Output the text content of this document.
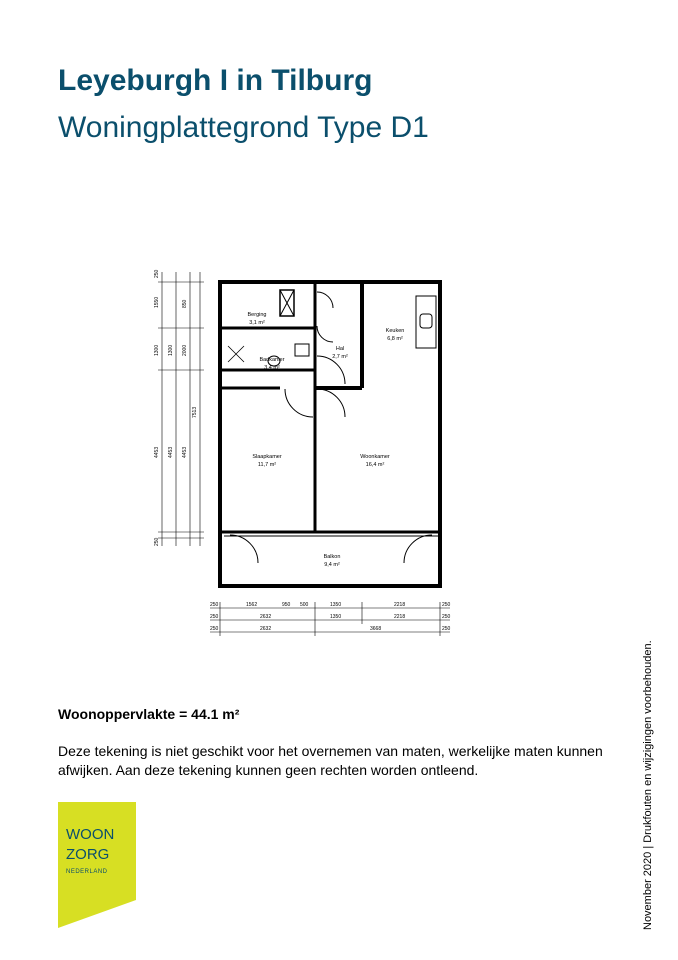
Leyeburgh I in Tilburg
Woningplattegrond Type D1
1550
1300
4453
1300
4453
850
2000
4453
7513
250
250
250	1562	950 500	1350	2218	250
250	2632	1350	2218	250
250	2632	3668	250
Berging
3,1 m²
Keuken
6,8 m²
Hal
2,7 m²
Badkamer
3,4 m²
Slaapkamer
11,7 m²
Woonkamer
16,4 m²
Balkon
9,4 m²
Woonoppervlakte = 44.1 m²
Deze tekening is niet geschikt voor het overnemen van maten, werkelijke maten kunnen afwijken. Aan deze tekening kunnen geen rechten worden ontleend.	November 2020 | Drukfouten en wijzigingen voorbehouden.
WOON
ZORG
NEDERLAND
